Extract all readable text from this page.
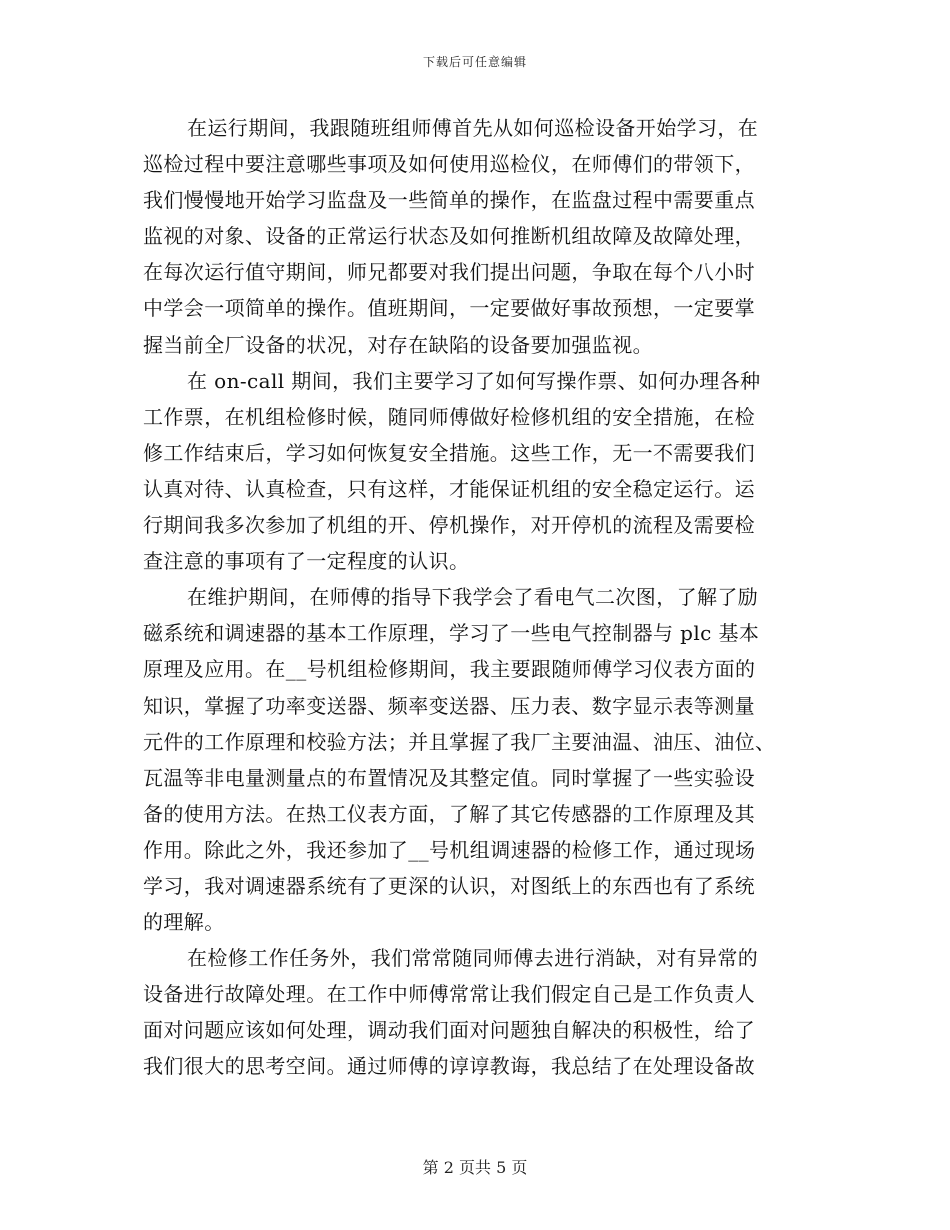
下载后可任意编辑
在运行期间，我跟随班组师傅首先从如何巡检设备开始学习，在
巡检过程中要注意哪些事项及如何使用巡检仪，在师傅们的带领下，
我们慢慢地开始学习监盘及一些简单的操作，在监盘过程中需要重点
监视的对象、设备的正常运行状态及如何推断机组故障及故障处理，
在每次运行值守期间，师兄都要对我们提出问题，争取在每个八小时
中学会一项简单的操作。值班期间，一定要做好事故预想，一定要掌
握当前全厂设备的状况，对存在缺陷的设备要加强监视。
在 on-call 期间，我们主要学习了如何写操作票、如何办理各种
工作票，在机组检修时候，随同师傅做好检修机组的安全措施，在检
修工作结束后，学习如何恢复安全措施。这些工作，无一不需要我们
认真对待、认真检查，只有这样，才能保证机组的安全稳定运行。运
行期间我多次参加了机组的开、停机操作，对开停机的流程及需要检
查注意的事项有了一定程度的认识。
在维护期间，在师傅的指导下我学会了看电气二次图，了解了励
磁系统和调速器的基本工作原理，学习了一些电气控制器与 plc 基本
原理及应用。在__号机组检修期间，我主要跟随师傅学习仪表方面的
知识，掌握了功率变送器、频率变送器、压力表、数字显示表等测量
元件的工作原理和校验方法；并且掌握了我厂主要油温、油压、油位、
瓦温等非电量测量点的布置情况及其整定值。同时掌握了一些实验设
备的使用方法。在热工仪表方面，了解了其它传感器的工作原理及其
作用。除此之外，我还参加了__号机组调速器的检修工作，通过现场
学习，我对调速器系统有了更深的认识，对图纸上的东西也有了系统
的理解。
在检修工作任务外，我们常常随同师傅去进行消缺，对有异常的
设备进行故障处理。在工作中师傅常常让我们假定自己是工作负责人
面对问题应该如何处理，调动我们面对问题独自解决的积极性，给了
我们很大的思考空间。通过师傅的谆谆教诲，我总结了在处理设备故
第 2 页共 5 页
